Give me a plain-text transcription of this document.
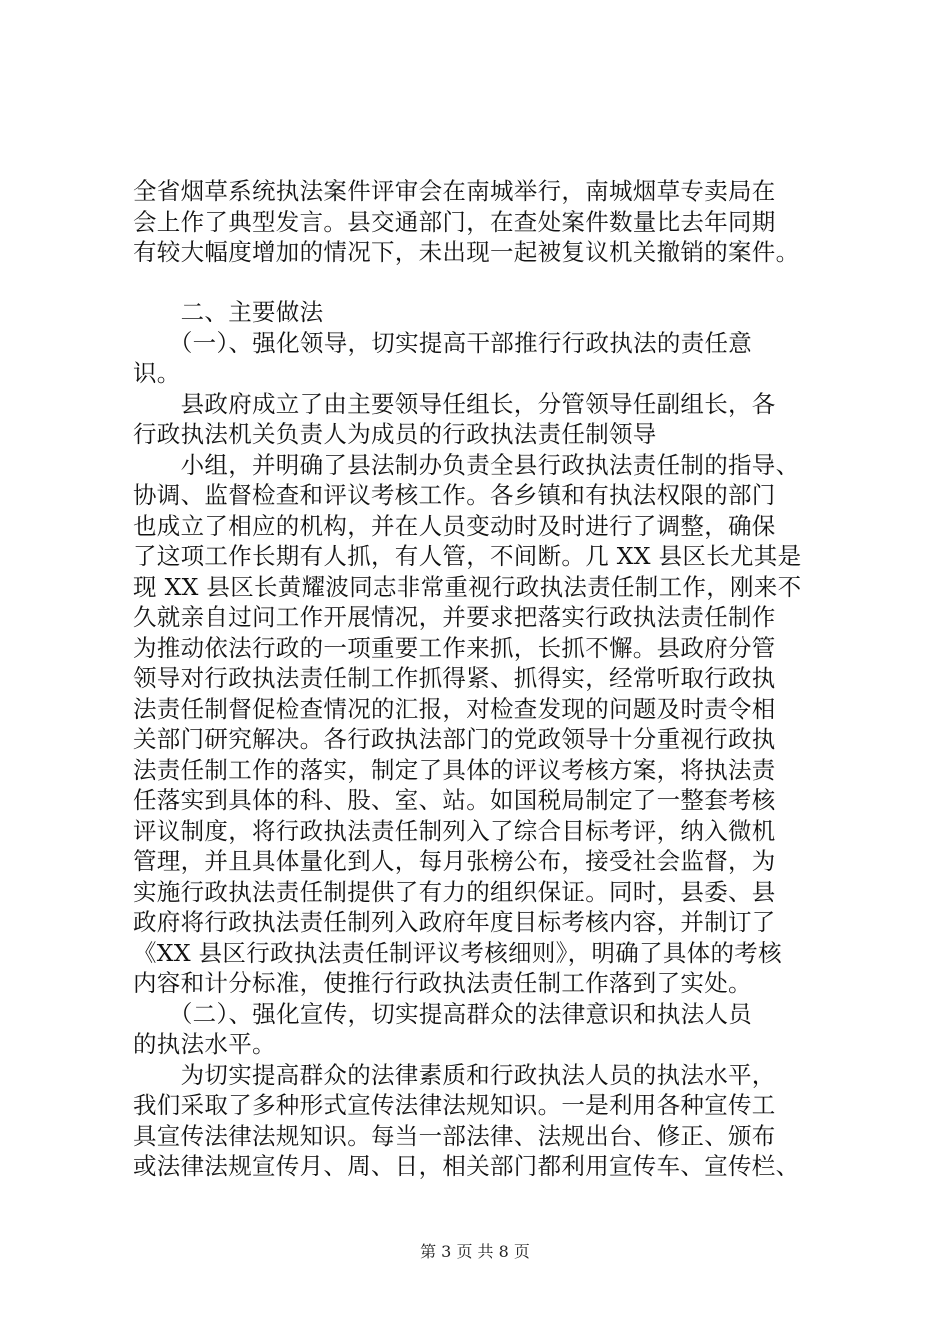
全省烟草系统执法案件评审会在南城举行，南城烟草专卖局在
会上作了典型发言。县交通部门，在查处案件数量比去年同期
有较大幅度增加的情况下，未出现一起被复议机关撤销的案件。
　　二、主要做法
　　（一）、强化领导，切实提高干部推行行政执法的责任意
识。
　　县政府成立了由主要领导任组长，分管领导任副组长，各
行政执法机关负责人为成员的行政执法责任制领导
　　小组，并明确了县法制办负责全县行政执法责任制的指导、
协调、监督检查和评议考核工作。各乡镇和有执法权限的部门
也成立了相应的机构，并在人员变动时及时进行了调整，确保
了这项工作长期有人抓，有人管，不间断。几 XX 县区长尤其是
现 XX 县区长黄耀波同志非常重视行政执法责任制工作，刚来不
久就亲自过问工作开展情况，并要求把落实行政执法责任制作
为推动依法行政的一项重要工作来抓，长抓不懈。县政府分管
领导对行政执法责任制工作抓得紧、抓得实，经常听取行政执
法责任制督促检查情况的汇报，对检查发现的问题及时责令相
关部门研究解决。各行政执法部门的党政领导十分重视行政执
法责任制工作的落实，制定了具体的评议考核方案，将执法责
任落实到具体的科、股、室、站。如国税局制定了一整套考核
评议制度，将行政执法责任制列入了综合目标考评，纳入微机
管理，并且具体量化到人，每月张榜公布，接受社会监督，为
实施行政执法责任制提供了有力的组织保证。同时，县委、县
政府将行政执法责任制列入政府年度目标考核内容，并制订了
《XX 县区行政执法责任制评议考核细则》，明确了具体的考核
内容和计分标准，使推行行政执法责任制工作落到了实处。
　　（二）、强化宣传，切实提高群众的法律意识和执法人员
的执法水平。
　　为切实提高群众的法律素质和行政执法人员的执法水平，
我们采取了多种形式宣传法律法规知识。一是利用各种宣传工
具宣传法律法规知识。每当一部法律、法规出台、修正、颁布
或法律法规宣传月、周、日，相关部门都利用宣传车、宣传栏、
第 3 页 共 8 页
